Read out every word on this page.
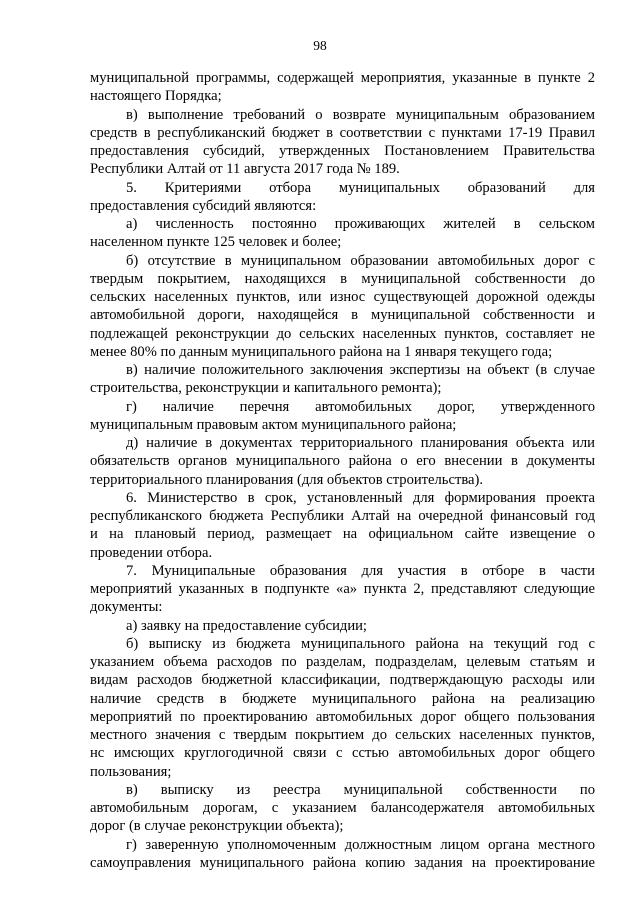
98
муниципальной программы, содержащей мероприятия, указанные в пункте 2
настоящего Порядка;
в) выполнение требований о возврате муниципальным образованием
средств в республиканский бюджет в соответствии с пунктами 17-19 Правил
предоставления субсидий, утвержденных Постановлением Правительства
Республики Алтай от 11 августа 2017 года № 189.
5. Критериями отбора муниципальных образований для
предоставления субсидий являются:
а) численность постоянно проживающих жителей в сельском
населенном пункте 125 человек и более;
б) отсутствие в муниципальном образовании автомобильных дорог с
твердым покрытием, находящихся в муниципальной собственности до
сельских населенных пунктов, или износ существующей дорожной одежды
автомобильной дороги, находящейся в муниципальной собственности и
подлежащей реконструкции до сельских населенных пунктов, составляет не
менее 80% по данным муниципального района на 1 января текущего года;
в) наличие положительного заключения экспертизы на объект (в случае
строительства, реконструкции и капитального ремонта);
г) наличие перечня автомобильных дорог, утвержденного
муниципальным правовым актом муниципального района;
д) наличие в документах территориального планирования объекта или
обязательств органов муниципального района о его внесении в документы
территориального планирования (для объектов строительства).
6. Министерство в срок, установленный для формирования проекта
республиканского бюджета Республики Алтай на очередной финансовый год
и на плановый период, размещает на официальном сайте извещение о
проведении отбора.
7. Муниципальные образования для участия в отборе в части
мероприятий указанных в подпункте «а» пункта 2, представляют следующие
документы:
а) заявку на предоставление субсидии;
б) выписку из бюджета муниципального района на текущий год с
указанием объема расходов по разделам, подразделам, целевым статьям и
видам расходов бюджетной классификации, подтверждающую расходы или
наличие средств в бюджете муниципального района на реализацию
мероприятий по проектированию автомобильных дорог общего пользования
местного значения с твердым покрытием до сельских населенных пунктов,
нс имсющих круглогодичной связи с сстью автомобильных дорог общего
пользования;
в) выписку из реестра муниципальной собственности по
автомобильным дорогам, с указанием балансодержателя автомобильных
дорог (в случае реконструкции объекта);
г) заверенную уполномоченным должностным лицом органа местного
самоуправления муниципального района копию задания на проектирование
